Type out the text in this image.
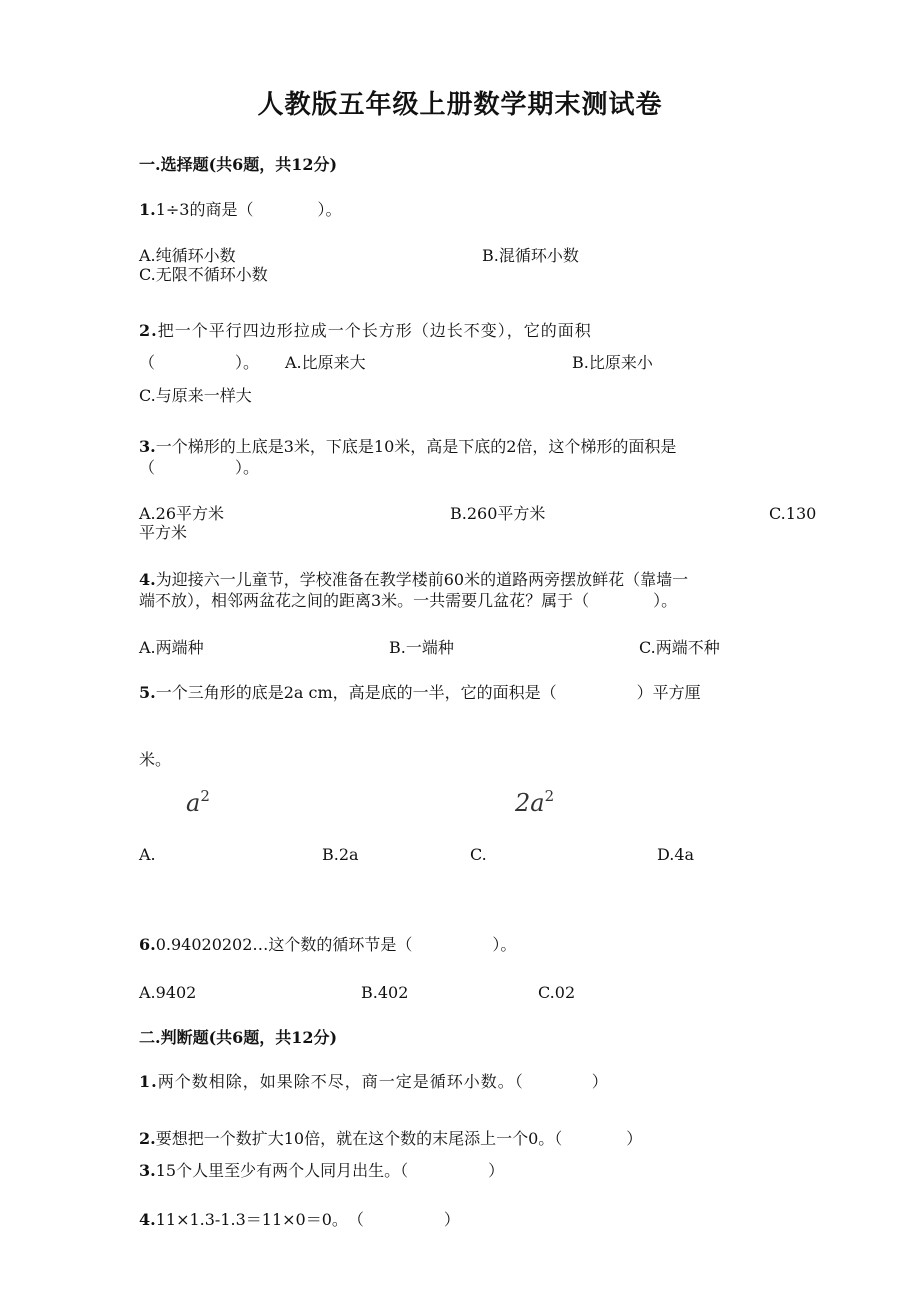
人教版五年级上册数学期末测试卷
一.选择题(共6题，共12分)
1.1÷3的商是（　　　　）。
A.纯循环小数	B.混循环小数
C.无限不循环小数
2.把一个平行四边形拉成一个长方形（边长不变），它的面积
（　　　　　）。 A.比原来大	B.比原来小
C.与原来一样大
3.一个梯形的上底是3米，下底是10米，高是下底的2倍，这个梯形的面积是
（　　　　　）。
A.26平方米	B.260平方米	C.130
平方米
4.为迎接六一儿童节，学校准备在教学楼前60米的道路两旁摆放鲜花（靠墙一
端不放），相邻两盆花之间的距离3米。一共需要几盆花？属于（　　　　）。
A.两端种	B.一端种	C.两端不种
5.一个三角形的底是2a cm，高是底的一半，它的面积是（　　　　　）平方厘
米。
$a^2$	$2a^2$
A.	B.2a	C.	D.4a
6.0.94020202…这个数的循环节是（　　　　　）。
A.9402	B.402	C.02
二.判断题(共6题，共12分)
1.两个数相除，如果除不尽，商一定是循环小数。（　　　　）
2.要想把一个数扩大10倍，就在这个数的末尾添上一个0。（　　　　）
3.15个人里至少有两个人同月出生。（　　　　　）
4.11×1.3-1.3＝11×0＝0。　（　　　　　）
